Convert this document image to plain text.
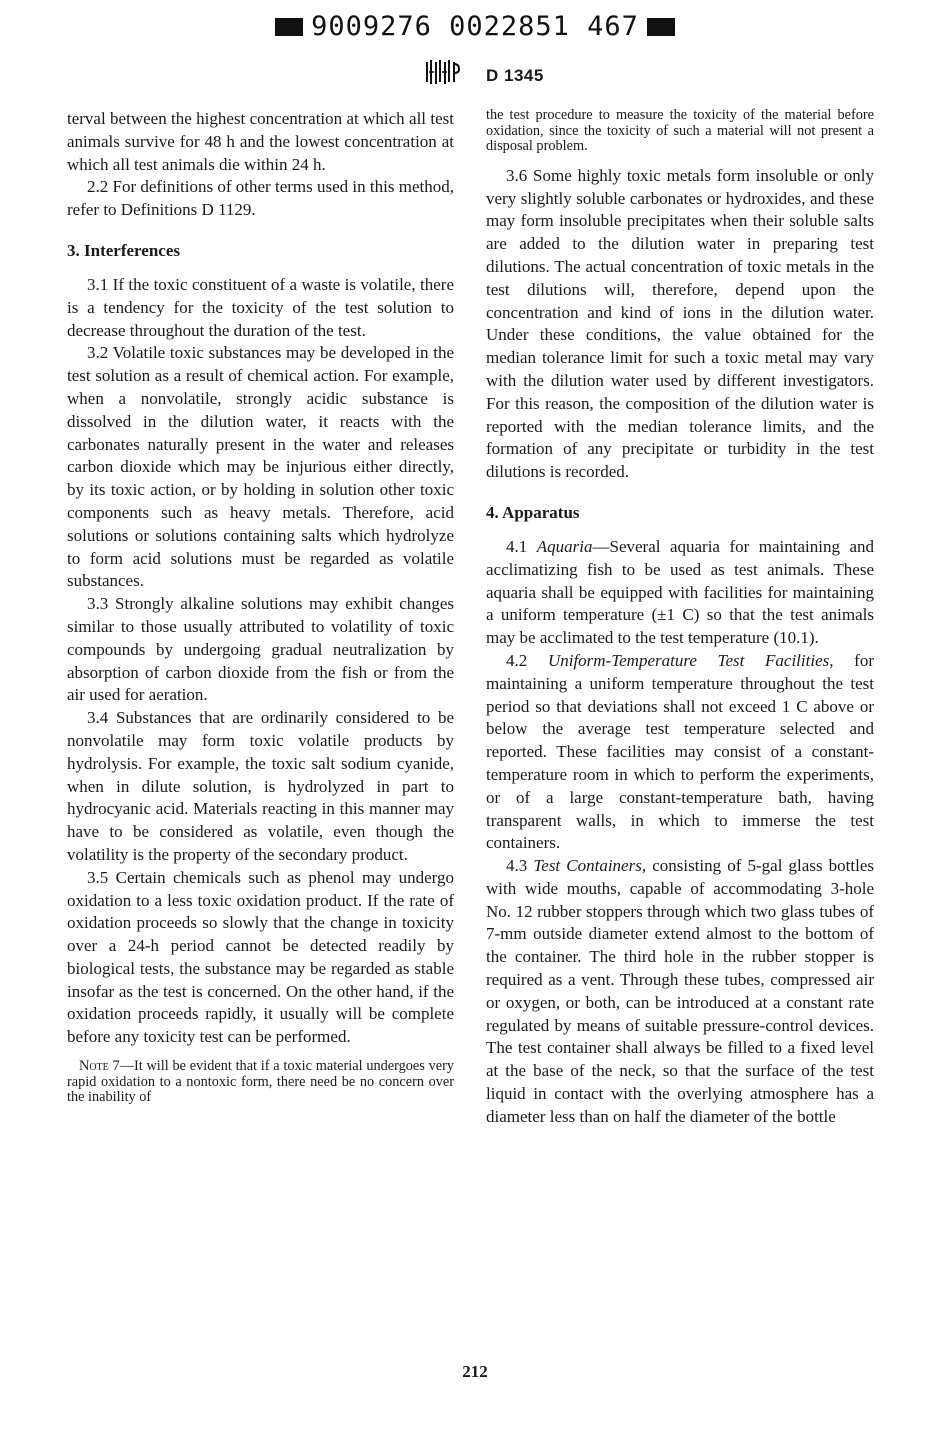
9009276 0022851 467
D 1345

terval between the highest concentration at which all test animals survive for 48 h and the lowest concentration at which all test animals die within 24 h.

2.2 For definitions of other terms used in this method, refer to Definitions D 1129.

3. Interferences

3.1 If the toxic constituent of a waste is volatile, there is a tendency for the toxicity of the test solution to decrease throughout the duration of the test.

3.2 Volatile toxic substances may be developed in the test solution as a result of chemical action. For example, when a nonvolatile, strongly acidic substance is dissolved in the dilution water, it reacts with the carbonates naturally present in the water and releases carbon dioxide which may be injurious either directly, by its toxic action, or by holding in solution other toxic components such as heavy metals. Therefore, acid solutions or solutions containing salts which hydrolyze to form acid solutions must be regarded as volatile substances.

3.3 Strongly alkaline solutions may exhibit changes similar to those usually attributed to volatility of toxic compounds by undergoing gradual neutralization by absorption of carbon dioxide from the fish or from the air used for aeration.

3.4 Substances that are ordinarily considered to be nonvolatile may form toxic volatile products by hydrolysis. For example, the toxic salt sodium cyanide, when in dilute solution, is hydrolyzed in part to hydrocyanic acid. Materials reacting in this manner may have to be considered as volatile, even though the volatility is the property of the secondary product.

3.5 Certain chemicals such as phenol may undergo oxidation to a less toxic oxidation product. If the rate of oxidation proceeds so slowly that the change in toxicity over a 24-h period cannot be detected readily by biological tests, the substance may be regarded as stable insofar as the test is concerned. On the other hand, if the oxidation proceeds rapidly, it usually will be complete before any toxicity test can be performed.

Note 7—It will be evident that if a toxic material undergoes very rapid oxidation to a nontoxic form, there need be no concern over the inability of

the test procedure to measure the toxicity of the material before oxidation, since the toxicity of such a material will not present a disposal problem.

3.6 Some highly toxic metals form insoluble or only very slightly soluble carbonates or hydroxides, and these may form insoluble precipitates when their soluble salts are added to the dilution water in preparing test dilutions. The actual concentration of toxic metals in the test dilutions will, therefore, depend upon the concentration and kind of ions in the dilution water. Under these conditions, the value obtained for the median tolerance limit for such a toxic metal may vary with the dilution water used by different investigators. For this reason, the composition of the dilution water is reported with the median tolerance limits, and the formation of any precipitate or turbidity in the test dilutions is recorded.

4. Apparatus

4.1 Aquaria—Several aquaria for maintaining and acclimatizing fish to be used as test animals. These aquaria shall be equipped with facilities for maintaining a uniform temperature (±1 C) so that the test animals may be acclimated to the test temperature (10.1).

4.2 Uniform-Temperature Test Facilities, for maintaining a uniform temperature throughout the test period so that deviations shall not exceed 1 C above or below the average test temperature selected and reported. These facilities may consist of a constant-temperature room in which to perform the experiments, or of a large constant-temperature bath, having transparent walls, in which to immerse the test containers.

4.3 Test Containers, consisting of 5-gal glass bottles with wide mouths, capable of accommodating 3-hole No. 12 rubber stoppers through which two glass tubes of 7-mm outside diameter extend almost to the bottom of the container. The third hole in the rubber stopper is required as a vent. Through these tubes, compressed air or oxygen, or both, can be introduced at a constant rate regulated by means of suitable pressure-control devices. The test container shall always be filled to a fixed level at the base of the neck, so that the surface of the test liquid in contact with the overlying atmosphere has a diameter less than on half the diameter of the bottle

212
